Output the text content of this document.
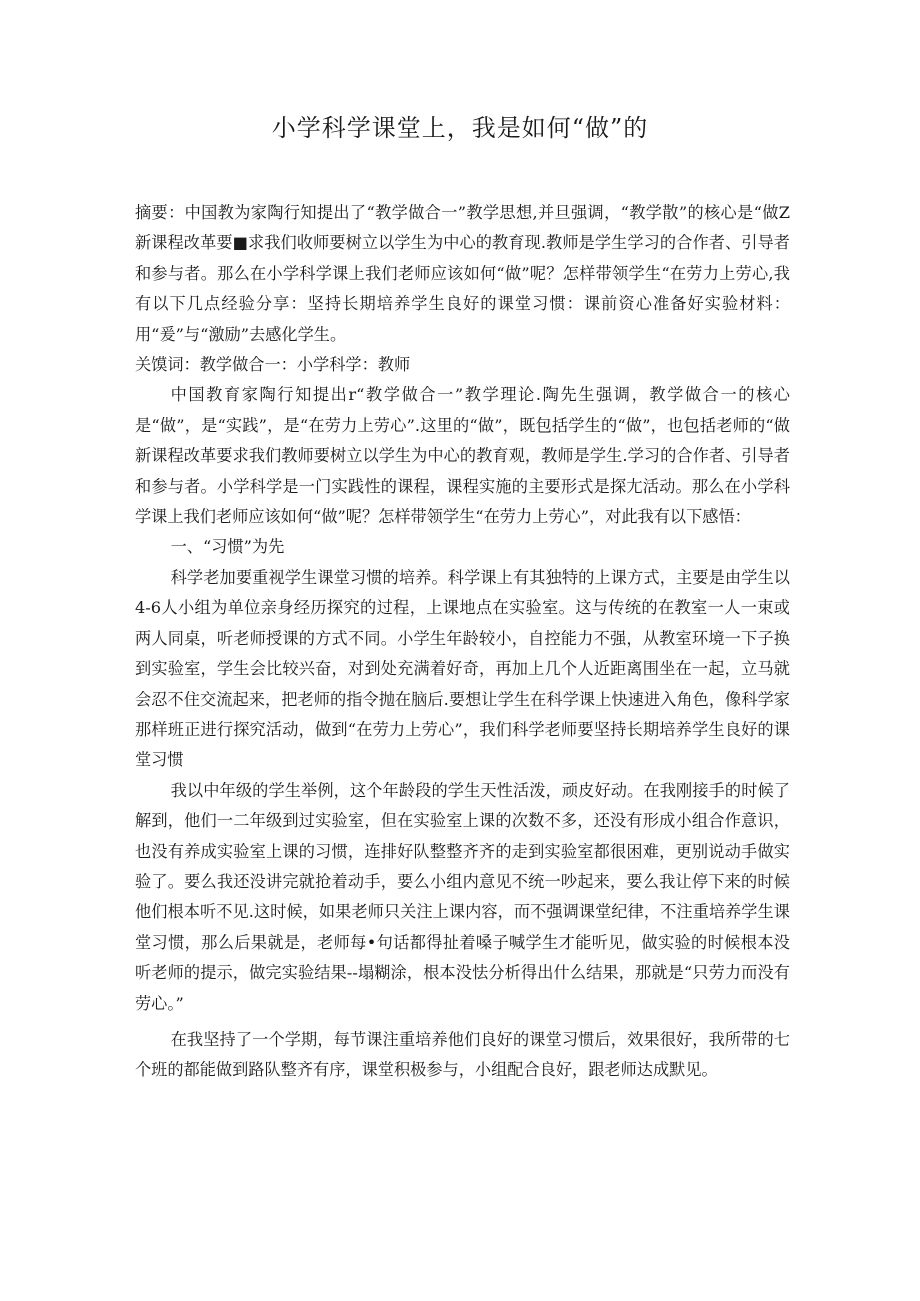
小学科学课堂上，我是如何“做”的

摘要：中国教为家陶行知提出了“教学做合一”教学思想,并旦强调，“教学散”的核心是“做Z新课程改革要■求我们收师要树立以学生为中心的教育现.教师是学生学习的合作者、引导者和参与者。那么在小学科学课上我们老师应该如何“做”呢？怎样带领学生“在劳力上劳心,我有以下几点经验分享：坚持长期培养学生良好的课堂习惯：课前资心准备好实验材料：用“爰”与“激励”去感化学生。

关馍词：教学做合一：小学科学：教师

中国教育家陶行知提出r“教学做合一”教学理论.陶先生强调，教学做合一的核心是“做”，是“实践”，是“在劳力上劳心”.这里的“做”，既包括学生的“做”，也包括老师的“做新课程改革要求我们教师要树立以学生为中心的教育观，教师是学生.学习的合作者、引导者和参与者。小学科学是一门实践性的课程，课程实施的主要形式是探尢活动。那么在小学科学课上我们老师应该如何“做”呢？怎样带领学生“在劳力上劳心”，对此我有以下感悟：

一、“习惯”为先

科学老加要重视学生课堂习惯的培养。科学课上有其独特的上课方式，主要是由学生以4-6人小组为单位亲身经历探究的过程，上课地点在实验室。这与传统的在教室一人一束或两人同桌，听老师授课的方式不同。小学生年龄较小，自控能力不强，从教室环境一下子换到实验室，学生会比较兴奋，对到处充满着好奇，再加上几个人近距离围坐在一起，立马就会忍不住交流起来，把老师的指令抛在脑后.要想让学生在科学课上快速进入角色，像科学家那样班正进行探究活动，做到“在劳力上劳心”，我们科学老师要坚持长期培养学生良好的课堂习惯

我以中年级的学生举例，这个年龄段的学生天性活泼，顽皮好动。在我刚接手的时候了解到，他们一二年级到过实验室，但在实验室上课的次数不多，还没有形成小组合作意识，也没有养成实验室上课的习惯，连排好队整整齐齐的走到实验室都很困难，更别说动手做实验了。要么我还没讲完就抢着动手，要么小组内意见不统一吵起来，要么我让停下来的时候他们根本听不见.这时候，如果老师只关注上课内容，而不强调课堂纪律，不注重培养学生课堂习惯，那么后果就是，老师每•句话都得扯着嗓子喊学生才能听见，做实验的时候根本没听老师的提示，做完实验结果--塌糊涂，根本没怯分析得出什么结果，那就是“只劳力而没有劳心。”

在我坚持了一个学期，每节课注重培养他们良好的课堂习惯后，效果很好，我所带的七个班的都能做到路队整齐有序，课堂积极参与，小组配合良好，跟老师达成默见。
